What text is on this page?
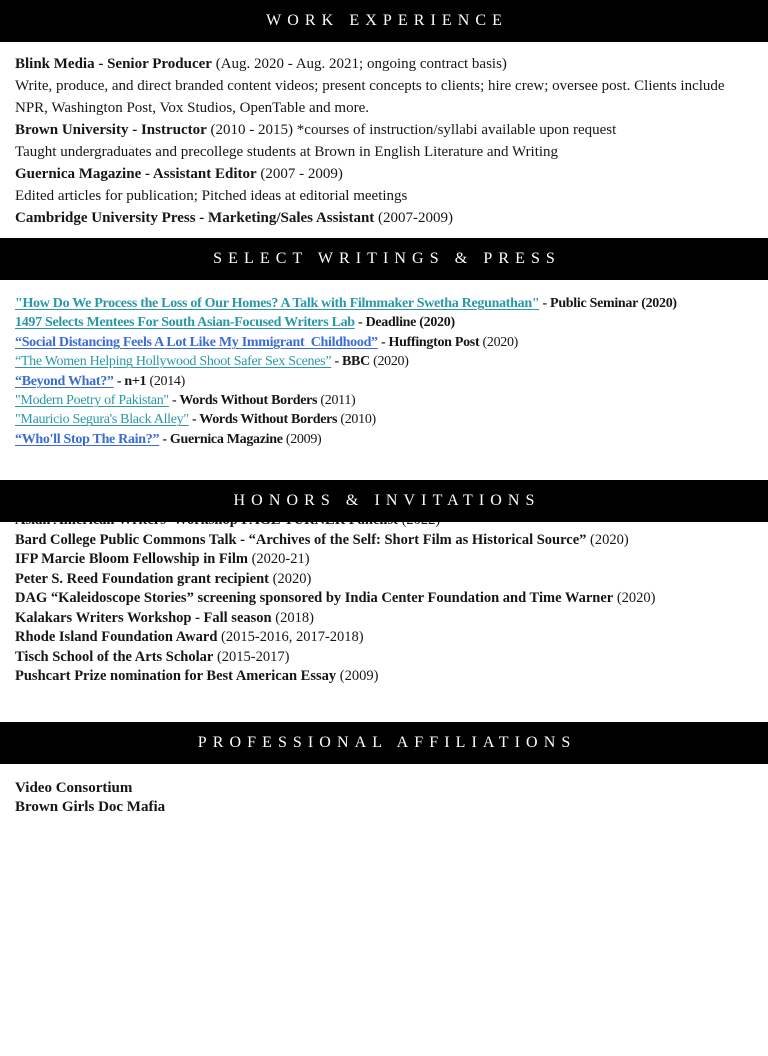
WORK EXPERIENCE
Blink Media - Senior Producer (Aug. 2020 - Aug. 2021; ongoing contract basis)
Write, produce, and direct branded content videos; present concepts to clients; hire crew; oversee post. Clients include NPR, Washington Post, Vox Studios, OpenTable and more.
Brown University - Instructor (2010 - 2015) *courses of instruction/syllabi available upon request
Taught undergraduates and precollege students at Brown in English Literature and Writing
Guernica Magazine - Assistant Editor (2007 - 2009)
Edited articles for publication; Pitched ideas at editorial meetings
Cambridge University Press - Marketing/Sales Assistant (2007-2009)
SELECT WRITINGS & PRESS
"How Do We Process the Loss of Our Homes? A Talk with Filmmaker Swetha Regunathan" - Public Seminar (2020)
1497 Selects Mentees For South Asian-Focused Writers Lab - Deadline (2020)
“Social Distancing Feels A Lot Like My Immigrant  Childhood” - Huffington Post (2020)
“The Women Helping Hollywood Shoot Safer Sex Scenes” - BBC (2020)
“Beyond What?” - n+1 (2014)
"Modern Poetry of Pakistan" - Words Without Borders (2011)
"Mauricio Segura's Black Alley" - Words Without Borders (2010)
“Who'll Stop The Rain?” - Guernica Magazine (2009)
HONORS & INVITATIONS
Bard College Public Commons Talk - “Archives of the Self: Short Film as Historical Source” (2020)
IFP Marcie Bloom Fellowship in Film (2020-21)
Peter S. Reed Foundation grant recipient (2020)
DAG “Kaleidoscope Stories” screening sponsored by India Center Foundation and Time Warner (2020)
Kalakars Writers Workshop - Fall season (2018)
Rhode Island Foundation Award (2015-2016, 2017-2018)
Tisch School of the Arts Scholar (2015-2017)
Pushcart Prize nomination for Best American Essay (2009)
PROFESSIONAL AFFILIATIONS
Video Consortium
Brown Girls Doc Mafia
